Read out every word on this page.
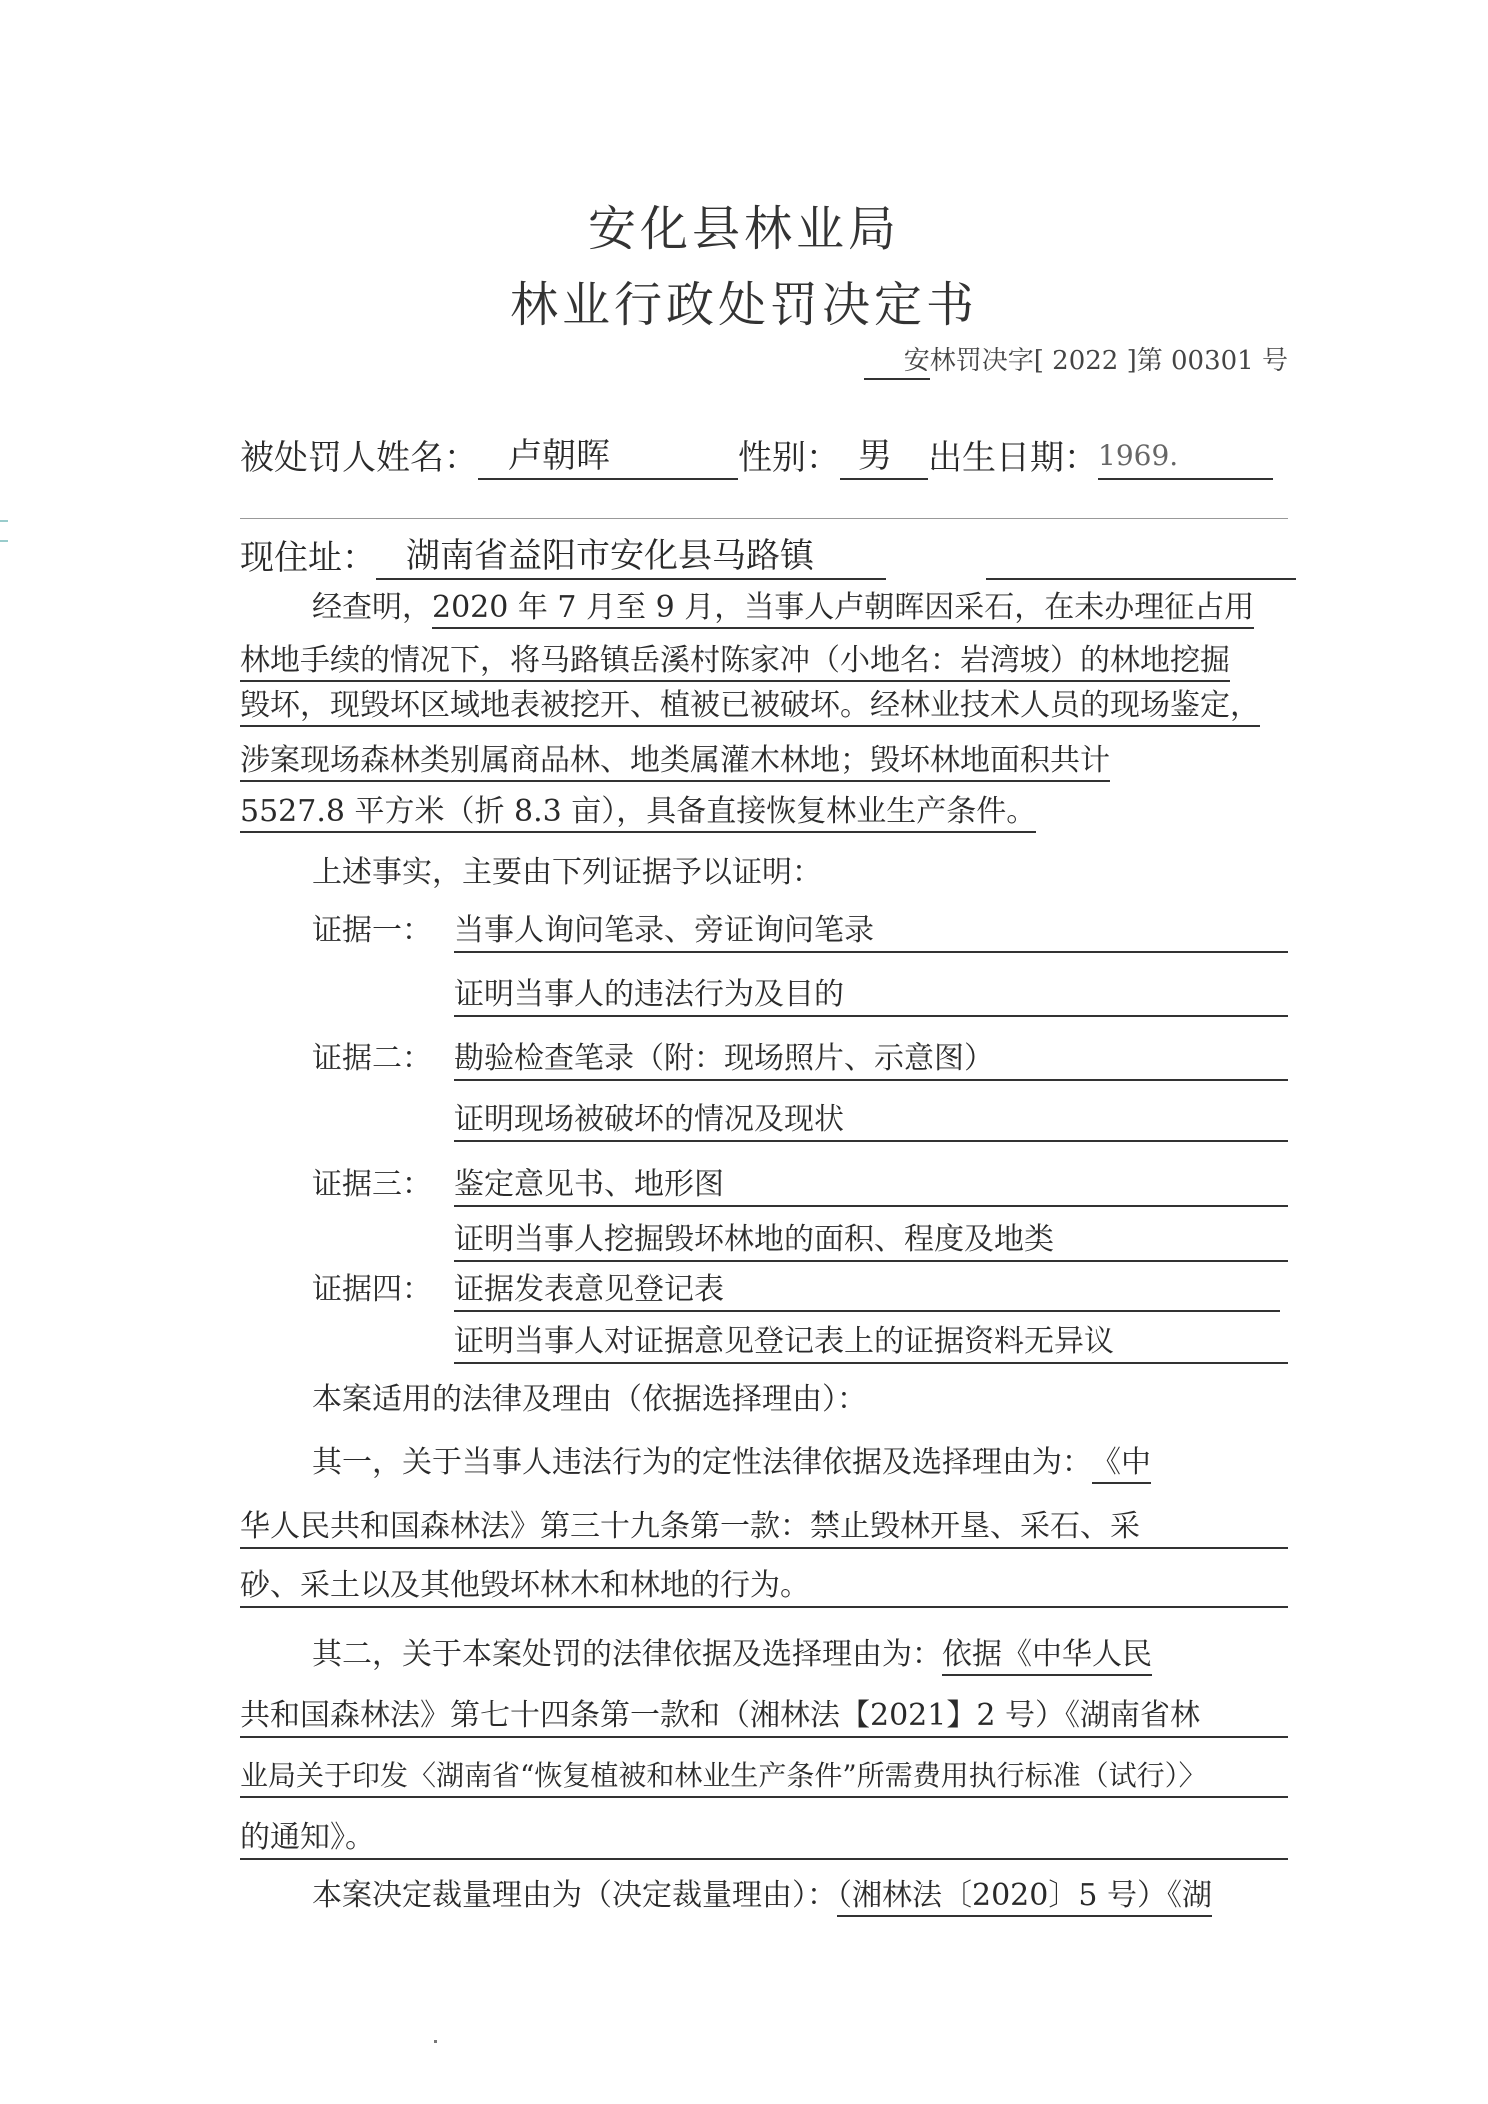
安化县林业局
林业行政处罚决定书
安林罚决字[ 2022 ]第 00301 号
被处罚人姓名： 卢朝晖	性别： 男 出生日期：1969.
现住址： 湖南省益阳市安化县马路镇
经查明，2020 年 7 月至 9 月，当事人卢朝晖因采石，在未办理征占用
林地手续的情况下，将马路镇岳溪村陈家冲（小地名：岩湾坡）的林地挖掘
毁坏，现毁坏区域地表被挖开、植被已被破坏。经林业技术人员的现场鉴定，
涉案现场森林类别属商品林、地类属灌木林地；毁坏林地面积共计
5527.8 平方米（折 8.3 亩），具备直接恢复林业生产条件。
上述事实，主要由下列证据予以证明：
证据一： 当事人询问笔录、旁证询问笔录
证明当事人的违法行为及目的
证据二： 勘验检查笔录（附：现场照片、示意图）
证明现场被破坏的情况及现状
证据三： 鉴定意见书、地形图
证明当事人挖掘毁坏林地的面积、程度及地类
证据四： 证据发表意见登记表
证明当事人对证据意见登记表上的证据资料无异议
本案适用的法律及理由（依据选择理由）：
其一，关于当事人违法行为的定性法律依据及选择理由为： 《中
华人民共和国森林法》第三十九条第一款：禁止毁林开垦、采石、采
砂、采土以及其他毁坏林木和林地的行为。
其二，关于本案处罚的法律依据及选择理由为：依据《中华人民
共和国森林法》第七十四条第一款和（湘林法【2021】2 号）《湖南省林
业局关于印发〈湖南省“恢复植被和林业生产条件”所需费用执行标准（试行）〉
的通知》。
本案决定裁量理由为（决定裁量理由）：（湘林法〔2020〕5 号）《湖
